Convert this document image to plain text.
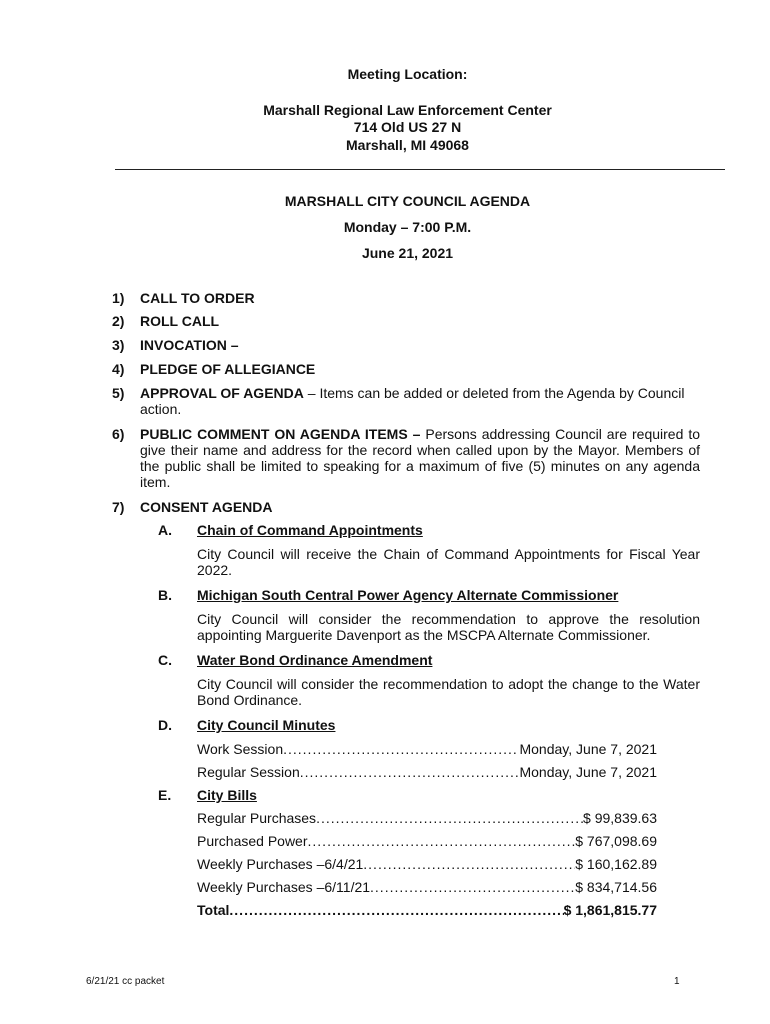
Meeting Location:
Marshall Regional Law Enforcement Center
714 Old US 27 N
Marshall, MI 49068
MARSHALL CITY COUNCIL AGENDA
Monday – 7:00 P.M.
June 21, 2021
1) CALL TO ORDER
2) ROLL CALL
3) INVOCATION –
4) PLEDGE OF ALLEGIANCE
5) APPROVAL OF AGENDA – Items can be added or deleted from the Agenda by Council action.
6) PUBLIC COMMENT ON AGENDA ITEMS – Persons addressing Council are required to give their name and address for the record when called upon by the Mayor. Members of the public shall be limited to speaking for a maximum of five (5) minutes on any agenda item.
7) CONSENT AGENDA
A. Chain of Command Appointments
City Council will receive the Chain of Command Appointments for Fiscal Year 2022.
B. Michigan South Central Power Agency Alternate Commissioner
City Council will consider the recommendation to approve the resolution appointing Marguerite Davenport as the MSCPA Alternate Commissioner.
C. Water Bond Ordinance Amendment
City Council will consider the recommendation to adopt the change to the Water Bond Ordinance.
D. City Council Minutes
Work Session .....	Monday, June 7, 2021
Regular Session .....	Monday, June 7, 2021
E. City Bills
Regular Purchases .....	$ 99,839.63
Purchased Power .....	$ 767,098.69
Weekly Purchases –6/4/21 .....	$ 160,162.89
Weekly Purchases –6/11/21 .....	$ 834,714.56
Total .....	$ 1,861,815.77
6/21/21 cc packet	1
